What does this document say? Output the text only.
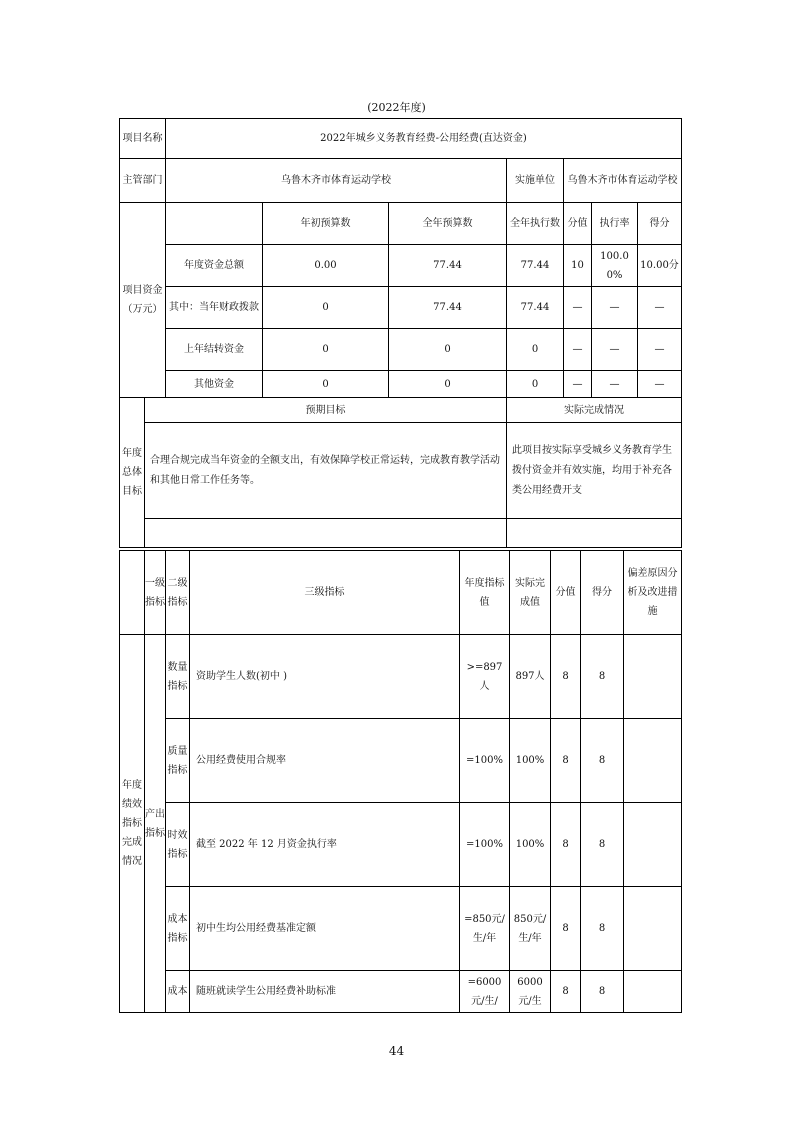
(2022年度)
项目名称		2022年城乡义务教育经费-公用经费(直达资金)						
主管部门		乌鲁木齐市体育运动学校			实施单位	乌鲁木齐市体育运动学校		
项目资金（万元）			年初预算数	全年预算数	全年执行数	分值	执行率	得分
		年度资金总额	0.00	77.44	77.44	10	100.00%	10.00分
		其中：当年财政拨款	0	77.44	77.44	—	—	—
		上年结转资金	0	0	0	—	—	—
		其他资金	0	0	0	—	—	—
年度总体目标	预期目标				实际完成情况			
	合理合规完成当年资金的全额支出，有效保障学校正常运转，完成教育教学活动和其他日常工作任务等。				此项目按实际享受城乡义务教育学生拨付资金并有效实施，均用于补充各类公用经费开支			

	一级指标	二级指标	三级指标	年度指标值	实际完成值	分值	得分	偏差原因分析及改进措施
年度绩效指标完成情况	产出指标	数量指标	资助学生人数(初中 )	>=897人	897人	8	8	
		质量指标	公用经费使用合规率	=100%	100%	8	8	
		时效指标	截至 2022 年 12 月资金执行率	=100%	100%	8	8	
		成本指标	初中生均公用经费基准定额	=850元/生/年	850元/生/年	8	8	
		成本	随班就读学生公用经费补助标准	=6000元/生/	6000元/生	8	8	
44
